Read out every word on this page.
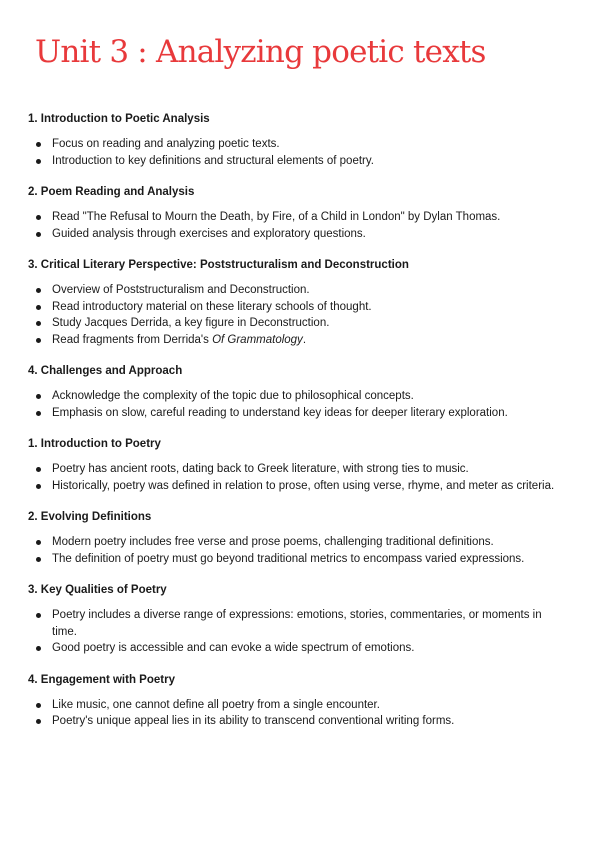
Unit 3 : Analyzing poetic texts
1. Introduction to Poetic Analysis
Focus on reading and analyzing poetic texts.
Introduction to key definitions and structural elements of poetry.
2. Poem Reading and Analysis
Read "The Refusal to Mourn the Death, by Fire, of a Child in London" by Dylan Thomas.
Guided analysis through exercises and exploratory questions.
3. Critical Literary Perspective: Poststructuralism and Deconstruction
Overview of Poststructuralism and Deconstruction.
Read introductory material on these literary schools of thought.
Study Jacques Derrida, a key figure in Deconstruction.
Read fragments from Derrida's Of Grammatology.
4. Challenges and Approach
Acknowledge the complexity of the topic due to philosophical concepts.
Emphasis on slow, careful reading to understand key ideas for deeper literary exploration.
1. Introduction to Poetry
Poetry has ancient roots, dating back to Greek literature, with strong ties to music.
Historically, poetry was defined in relation to prose, often using verse, rhyme, and meter as criteria.
2. Evolving Definitions
Modern poetry includes free verse and prose poems, challenging traditional definitions.
The definition of poetry must go beyond traditional metrics to encompass varied expressions.
3. Key Qualities of Poetry
Poetry includes a diverse range of expressions: emotions, stories, commentaries, or moments in time.
Good poetry is accessible and can evoke a wide spectrum of emotions.
4. Engagement with Poetry
Like music, one cannot define all poetry from a single encounter.
Poetry's unique appeal lies in its ability to transcend conventional writing forms.
